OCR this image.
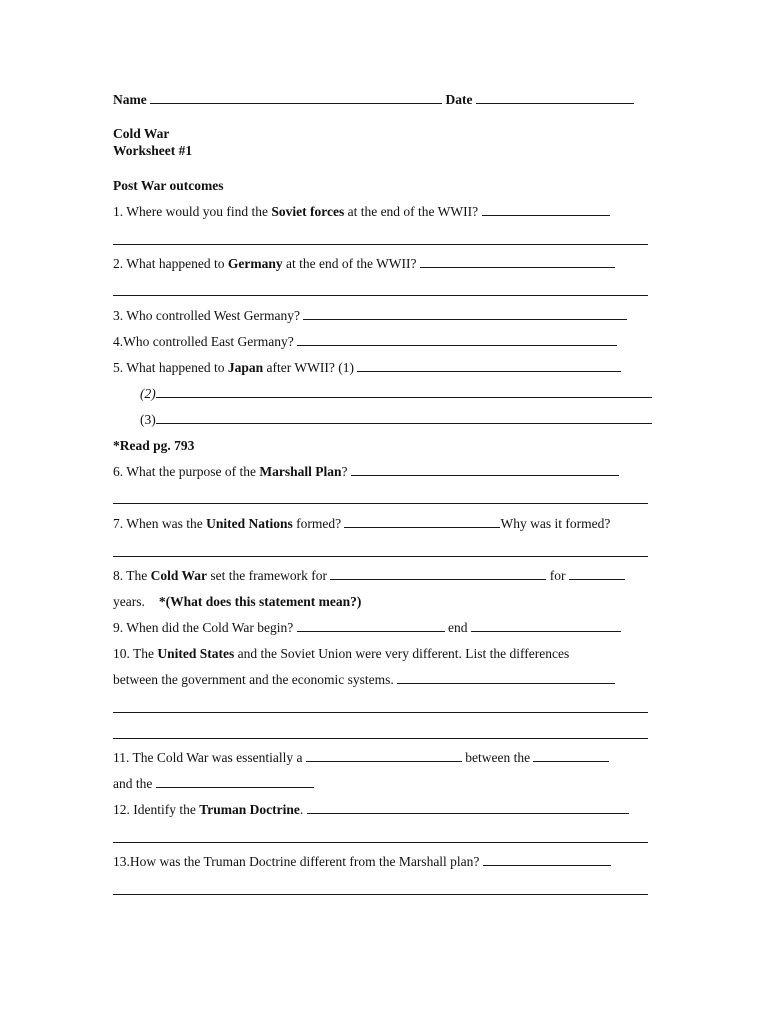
Name	Date
Cold War
Worksheet #1
Post War outcomes
1. Where would you find the Soviet forces at the end of the WWII?
2. What happened to Germany at the end of the WWII?
3. Who controlled West Germany?
4.Who controlled East Germany?
5. What happened to Japan after WWII? (1)
(2)
(3)
*Read pg. 793
6. What the purpose of the Marshall Plan?
7. When was the United Nations formed?	Why was it formed?
8. The Cold War set the framework for	for
years. *(What does this statement mean?)
9. When did the Cold War begin?	end
10. The United States and the Soviet Union were very different. List the differences
between the government and the economic systems.
11. The Cold War was essentially a	between the
and the
12. Identify the Truman Doctrine.
13.How was the Truman Doctrine different from the Marshall plan?
